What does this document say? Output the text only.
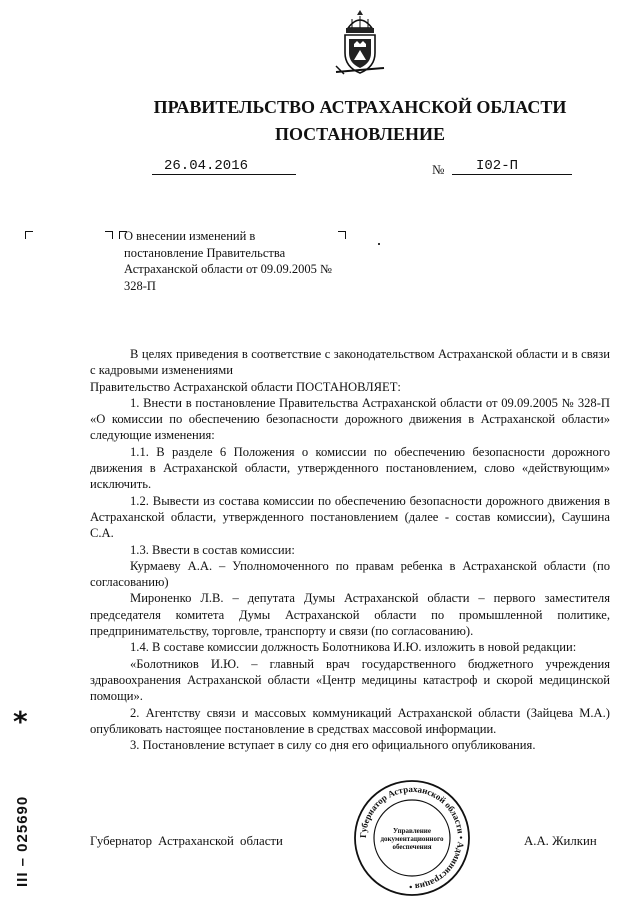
ПРАВИТЕЛЬСТВО АСТРАХАНСКОЙ ОБЛАСТИ
ПОСТАНОВЛЕНИЕ
26.04.2016	№	I02-П
О внесении изменений в постановление Правительства Астраханской области от 09.09.2005 № 328-П

В целях приведения в соответствие с законодательством Астраханской области и в связи с кадровыми изменениями

Правительство Астраханской области ПОСТАНОВЛЯЕТ:

1. Внести в постановление Правительства Астраханской области от 09.09.2005 № 328-П «О комиссии по обеспечению безопасности дорожного движения в Астраханской области» следующие изменения:

1.1. В разделе 6 Положения о комиссии по обеспечению безопасности дорожного движения в Астраханской области, утвержденного постановлением, слово «действующим» исключить.

1.2. Вывести из состава комиссии по обеспечению безопасности дорожного движения в Астраханской области, утвержденного постановлением (далее - состав комиссии), Саушина С.А.

1.3. Ввести в состав комиссии:

Курмаеву А.А. – Уполномоченного по правам ребенка в Астраханской области (по согласованию)

Мироненко Л.В. – депутата Думы Астраханской области – первого заместителя председателя комитета Думы Астраханской области по промышленной политике, предпринимательству, торговле, транспорту и связи (по согласованию).

1.4. В составе комиссии должность Болотникова И.Ю. изложить в новой редакции:

«Болотников И.Ю. – главный врач государственного бюджетного учреждения здравоохранения Астраханской области «Центр медицины катастроф и скорой медицинской помощи».

2. Агентству связи и массовых коммуникаций Астраханской области (Зайцева М.А.) опубликовать настоящее постановление в средствах массовой информации.

3. Постановление вступает в силу со дня его официального опубликования.

Губернатор Астраханской области	А.А. Жилкин
Губернатор Астраханской области • Администрация •
Управление документационного обеспечения
III – 025690
*
